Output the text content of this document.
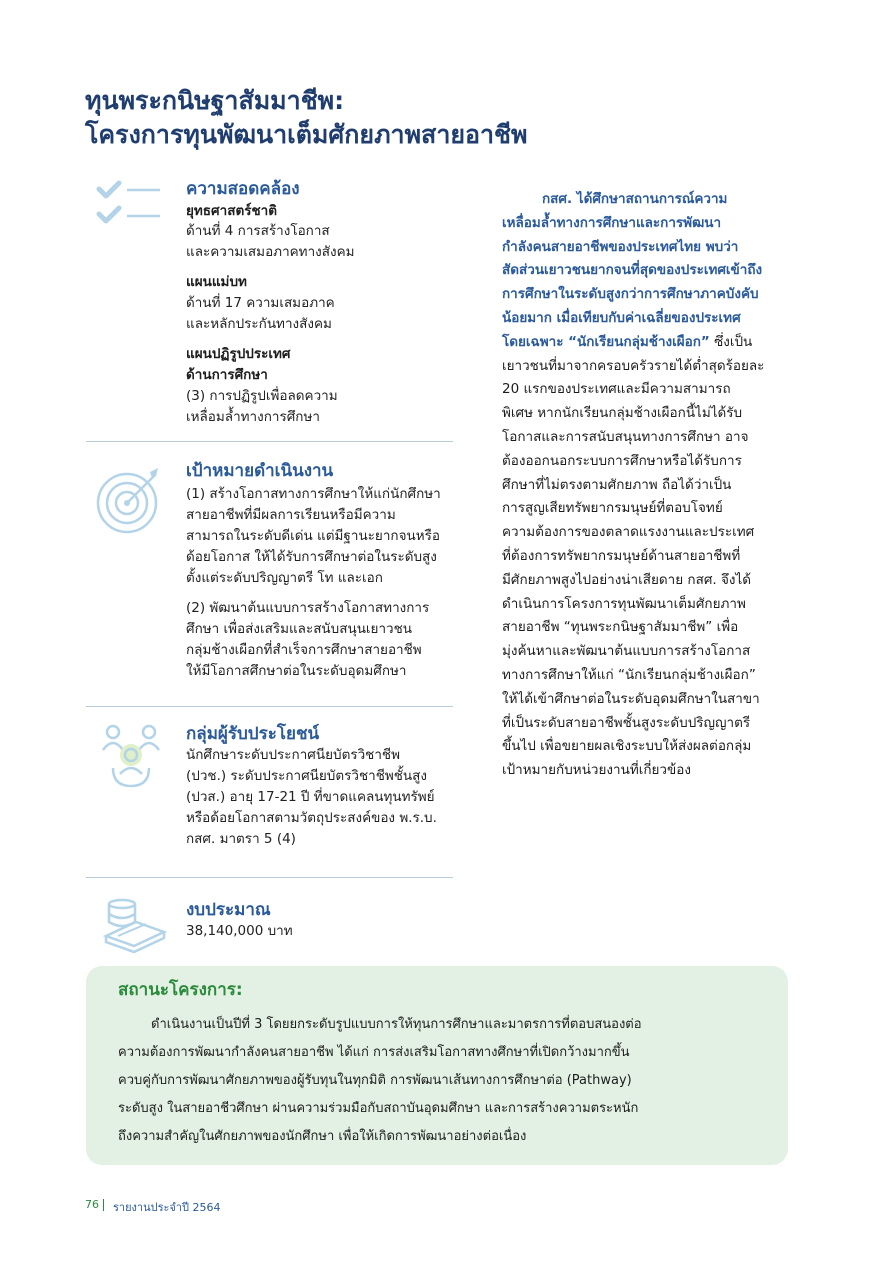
ทุนพระกนิษฐาสัมมาชีพ:
โครงการทุนพัฒนาเต็มศักยภาพสายอาชีพ
ความสอดคล้อง
ยุทธศาสตร์ชาติ
ด้านที่ 4 การสร้างโอกาส
และความเสมอภาคทางสังคม
แผนแม่บท
ด้านที่ 17 ความเสมอภาค
และหลักประกันทางสังคม
แผนปฏิรูปประเทศ
ด้านการศึกษา
(3) การปฏิรูปเพื่อลดความ
เหลื่อมล้ำทางการศึกษา
เป้าหมายดำเนินงาน
(1) สร้างโอกาสทางการศึกษาให้แก่นักศึกษา
สายอาชีพที่มีผลการเรียนหรือมีความ
สามารถในระดับดีเด่น แต่มีฐานะยากจนหรือ
ด้อยโอกาส ให้ได้รับการศึกษาต่อในระดับสูง
ตั้งแต่ระดับปริญญาตรี โท และเอก
(2) พัฒนาต้นแบบการสร้างโอกาสทางการ
ศึกษา เพื่อส่งเสริมและสนับสนุนเยาวชน
กลุ่มช้างเผือกที่สำเร็จการศึกษาสายอาชีพ
ให้มีโอกาสศึกษาต่อในระดับอุดมศึกษา
กลุ่มผู้รับประโยชน์
นักศึกษาระดับประกาศนียบัตรวิชาชีพ
(ปวช.) ระดับประกาศนียบัตรวิชาชีพชั้นสูง
(ปวส.) อายุ 17-21 ปี ที่ขาดแคลนทุนทรัพย์
หรือด้อยโอกาสตามวัตถุประสงค์ของ พ.ร.บ.
กสศ. มาตรา 5 (4)
งบประมาณ
38,140,000 บาท
กสศ. ได้ศึกษาสถานการณ์ความ
เหลื่อมล้ำทางการศึกษาและการพัฒนา
กำลังคนสายอาชีพของประเทศไทย พบว่า
สัดส่วนเยาวชนยากจนที่สุดของประเทศเข้าถึง
การศึกษาในระดับสูงกว่าการศึกษาภาคบังคับ
น้อยมาก เมื่อเทียบกับค่าเฉลี่ยของประเทศ
โดยเฉพาะ “นักเรียนกลุ่มช้างเผือก” ซึ่งเป็น
เยาวชนที่มาจากครอบครัวรายได้ต่ำสุดร้อยละ
20 แรกของประเทศและมีความสามารถ
พิเศษ หากนักเรียนกลุ่มช้างเผือกนี้ไม่ได้รับ
โอกาสและการสนับสนุนทางการศึกษา อาจ
ต้องออกนอกระบบการศึกษาหรือได้รับการ
ศึกษาที่ไม่ตรงตามศักยภาพ ถือได้ว่าเป็น
การสูญเสียทรัพยากรมนุษย์ที่ตอบโจทย์
ความต้องการของตลาดแรงงานและประเทศ
ที่ต้องการทรัพยากรมนุษย์ด้านสายอาชีพที่
มีศักยภาพสูงไปอย่างน่าเสียดาย กสศ. จึงได้
ดำเนินการโครงการทุนพัฒนาเต็มศักยภาพ
สายอาชีพ “ทุนพระกนิษฐาสัมมาชีพ” เพื่อ
มุ่งค้นหาและพัฒนาต้นแบบการสร้างโอกาส
ทางการศึกษาให้แก่ “นักเรียนกลุ่มช้างเผือก”
ให้ได้เข้าศึกษาต่อในระดับอุดมศึกษาในสาขา
ที่เป็นระดับสายอาชีพชั้นสูงระดับปริญญาตรี
ขึ้นไป เพื่อขยายผลเชิงระบบให้ส่งผลต่อกลุ่ม
เป้าหมายกับหน่วยงานที่เกี่ยวข้อง
สถานะโครงการ:
ดำเนินงานเป็นปีที่ 3 โดยยกระดับรูปแบบการให้ทุนการศึกษาและมาตรการที่ตอบสนองต่อ
ความต้องการพัฒนากำลังคนสายอาชีพ ได้แก่ การส่งเสริมโอกาสทางศึกษาที่เปิดกว้างมากขึ้น
ควบคู่กับการพัฒนาศักยภาพของผู้รับทุนในทุกมิติ การพัฒนาเส้นทางการศึกษาต่อ (Pathway)
ระดับสูง ในสายอาชีวศึกษา ผ่านความร่วมมือกับสถาบันอุดมศึกษา และการสร้างความตระหนัก
ถึงความสำคัญในศักยภาพของนักศึกษา เพื่อให้เกิดการพัฒนาอย่างต่อเนื่อง
76 รายงานประจำปี 2564
